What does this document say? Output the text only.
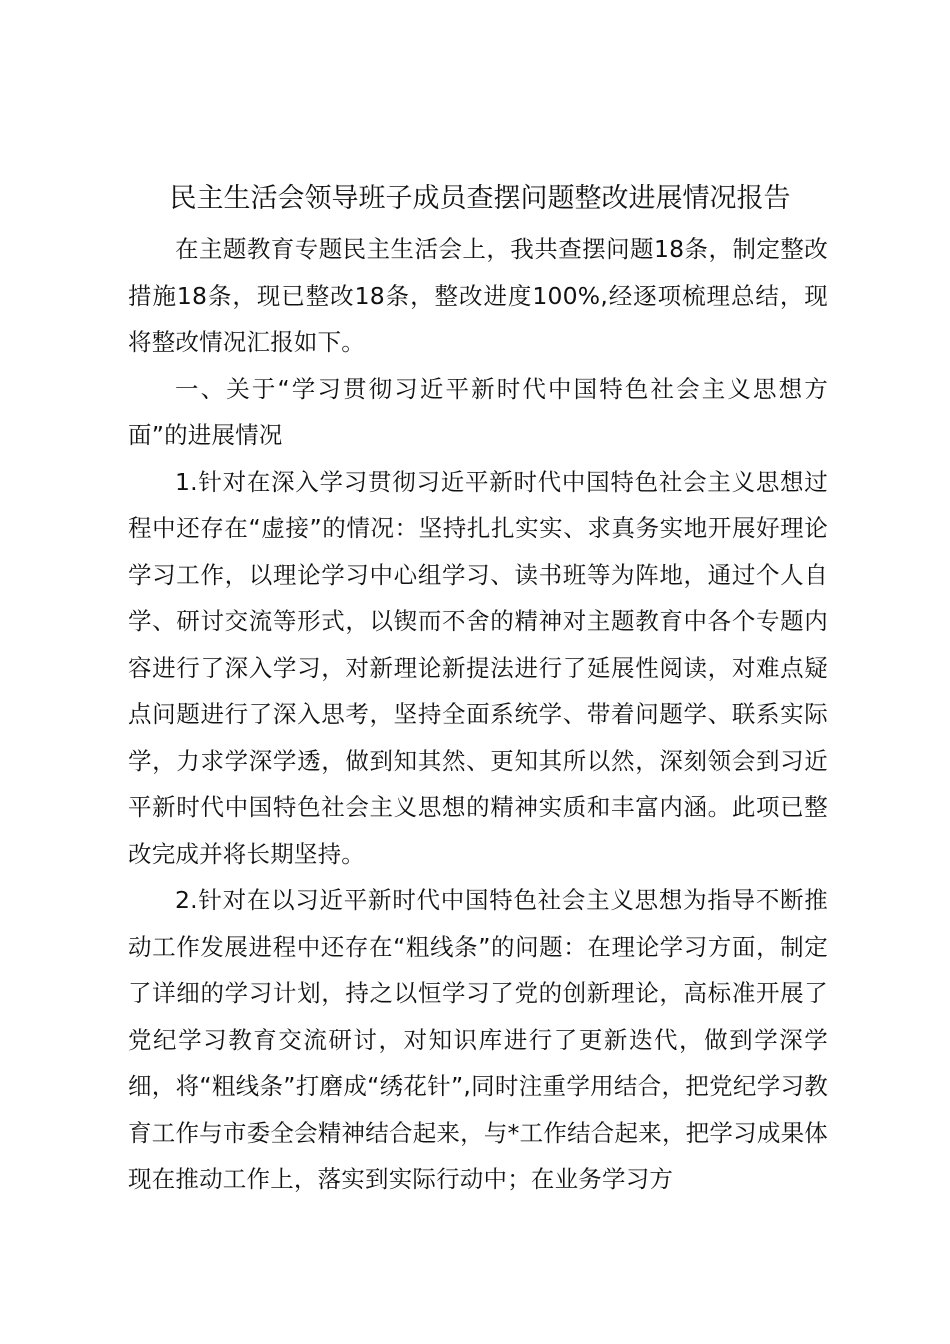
民主生活会领导班子成员查摆问题整改进展情况报告

在主题教育专题民主生活会上，我共查摆问题18条，制定整改措施18条，现已整改18条，整改进度100%,经逐项梳理总结，现将整改情况汇报如下。

一、关于“学习贯彻习近平新时代中国特色社会主义思想方面”的进展情况

1.针对在深入学习贯彻习近平新时代中国特色社会主义思想过程中还存在“虚接”的情况：坚持扎扎实实、求真务实地开展好理论学习工作，以理论学习中心组学习、读书班等为阵地，通过个人自学、研讨交流等形式，以锲而不舍的精神对主题教育中各个专题内容进行了深入学习，对新理论新提法进行了延展性阅读，对难点疑点问题进行了深入思考，坚持全面系统学、带着问题学、联系实际学，力求学深学透，做到知其然、更知其所以然，深刻领会到习近平新时代中国特色社会主义思想的精神实质和丰富内涵。此项已整改完成并将长期坚持。

2.针对在以习近平新时代中国特色社会主义思想为指导不断推动工作发展进程中还存在“粗线条”的问题：在理论学习方面，制定了详细的学习计划，持之以恒学习了党的创新理论，高标准开展了党纪学习教育交流研讨，对知识库进行了更新迭代，做到学深学细，将“粗线条”打磨成“绣花针”,同时注重学用结合，把党纪学习教育工作与市委全会精神结合起来，与*工作结合起来，把学习成果体现在推动工作上，落实到实际行动中；在业务学习方
